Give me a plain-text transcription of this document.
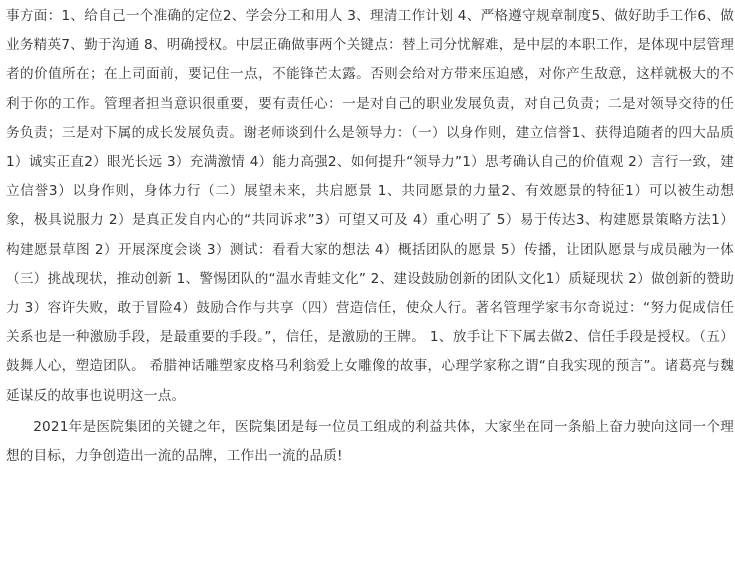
事方面：1、给自己一个准确的定位2、学会分工和用人 3、理清工作计划 4、严格遵守规章制度5、做好助手工作6、做业务精英7、勤于沟通 8、明确授权。中层正确做事两个关键点：替上司分忧解难，是中层的本职工作，是体现中层管理者的价值所在；在上司面前，要记住一点，不能锋芒太露。否则会给对方带来压迫感，对你产生敌意，这样就极大的不利于你的工作。管理者担当意识很重要，要有责任心：一是对自己的职业发展负责，对自己负责；二是对领导交待的任务负责；三是对下属的成长发展负责。谢老师谈到什么是领导力：（一）以身作则，建立信誉1、获得追随者的四大品质1）诚实正直2）眼光长远 3）充满激情 4）能力高强2、如何提升“领导力”1）思考确认自己的价值观 2）言行一致，建立信誉3）以身作则，身体力行（二）展望未来，共启愿景 1、共同愿景的力量2、有效愿景的特征1）可以被生动想象，极具说服力 2）是真正发自内心的“共同诉求”3）可望又可及 4）重心明了 5）易于传达3、构建愿景策略方法1）构建愿景草图 2）开展深度会谈 3）测试：看看大家的想法 4）概括团队的愿景 5）传播，让团队愿景与成员融为一体（三）挑战现状，推动创新 1、警惕团队的“温水青蛙文化” 2、建设鼓励创新的团队文化1）质疑现状 2）做创新的赞助力 3）容许失败，敢于冒险4）鼓励合作与共享（四）营造信任，使众人行。著名管理学家韦尔奇说过：“努力促成信任关系也是一种激励手段，是最重要的手段。”，信任，是激励的王牌。 1、放手让下下属去做2、信任手段是授权。（五）鼓舞人心，塑造团队。 希腊神话雕塑家皮格马利翁爱上女雕像的故事，心理学家称之谓“自我实现的预言”。诸葛亮与魏延谋反的故事也说明这一点。

2021年是医院集团的关键之年，医院集团是每一位员工组成的利益共体，大家坐在同一条船上奋力驶向这同一个理想的目标，力争创造出一流的品牌，工作出一流的品质!
